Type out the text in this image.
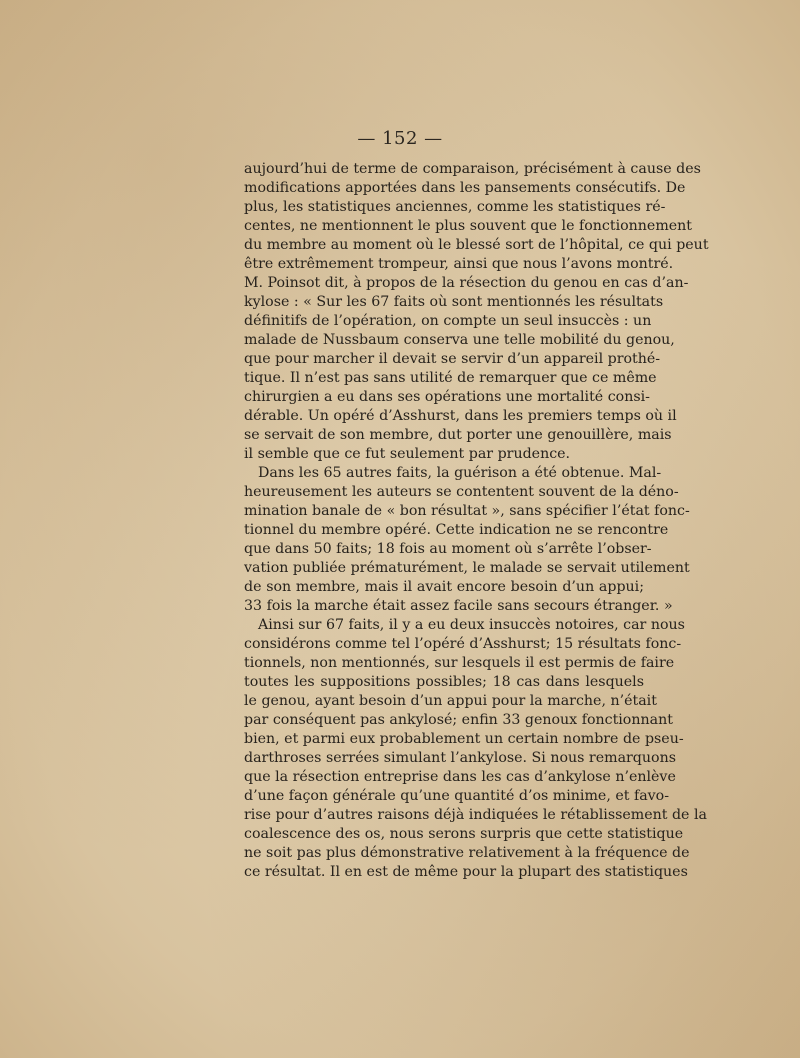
— 152 —
aujourd’hui de terme de comparaison, précisément à cause des
modifications apportées dans les pansements consécutifs. De
plus, les statistiques anciennes, comme les statistiques ré-
centes, ne mentionnent le plus souvent que le fonctionnement
du membre au moment où le blessé sort de l’hôpital, ce qui peut
être extrêmement trompeur, ainsi que nous l’avons montré.
M. Poinsot dit, à propos de la résection du genou en cas d’an-
kylose : « Sur les 67 faits où sont mentionnés les résultats
définitifs de l’opération, on compte un seul insuccès : un
malade de Nussbaum conserva une telle mobilité du genou,
que pour marcher il devait se servir d’un appareil prothé-
tique. Il n’est pas sans utilité de remarquer que ce même
chirurgien a eu dans ses opérations une mortalité consi-
dérable. Un opéré d’Asshurst, dans les premiers temps où il
se servait de son membre, dut porter une genouillère, mais
il semble que ce fut seulement par prudence.
Dans les 65 autres faits, la guérison a été obtenue. Mal-
heureusement les auteurs se contentent souvent de la déno-
mination banale de « bon résultat », sans spécifier l’état fonc-
tionnel du membre opéré. Cette indication ne se rencontre
que dans 50 faits; 18 fois au moment où s’arrête l’obser-
vation publiée prématurément, le malade se servait utilement
de son membre, mais il avait encore besoin d’un appui;
33 fois la marche était assez facile sans secours étranger. »
Ainsi sur 67 faits, il y a eu deux insuccès notoires, car nous
considérons comme tel l’opéré d’Asshurst; 15 résultats fonc-
tionnels, non mentionnés, sur lesquels il est permis de faire
toutes les suppositions possibles; 18 cas dans lesquels
le genou, ayant besoin d’un appui pour la marche, n’était
par conséquent pas ankylosé; enfin 33 genoux fonctionnant
bien, et parmi eux probablement un certain nombre de pseu-
darthroses serrées simulant l’ankylose. Si nous remarquons
que la résection entreprise dans les cas d’ankylose n’enlève
d’une façon générale qu’une quantité d’os minime, et favo-
rise pour d’autres raisons déjà indiquées le rétablissement de la
coalescence des os, nous serons surpris que cette statistique
ne soit pas plus démonstrative relativement à la fréquence de
ce résultat. Il en est de même pour la plupart des statistiques
